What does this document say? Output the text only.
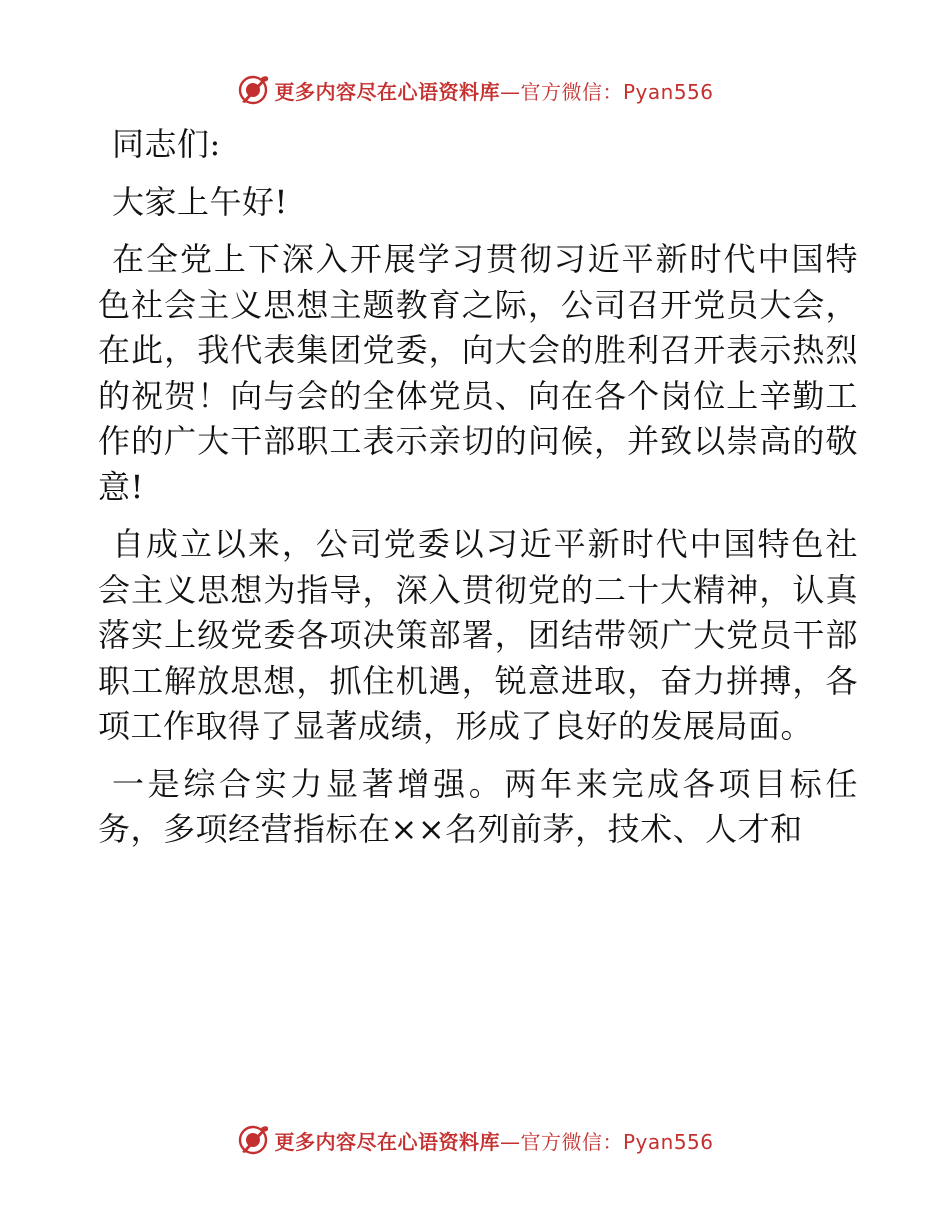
更多内容尽在心语资料库—官方微信：Pyan556

同志们:

大家上午好!

在全党上下深入开展学习贯彻习近平新时代中国特色社会主义思想主题教育之际，公司召开党员大会，在此，我代表集团党委，向大会的胜利召开表示热烈的祝贺！向与会的全体党员、向在各个岗位上辛勤工作的广大干部职工表示亲切的问候，并致以崇高的敬意!

自成立以来，公司党委以习近平新时代中国特色社会主义思想为指导，深入贯彻党的二十大精神，认真落实上级党委各项决策部署，团结带领广大党员干部职工解放思想，抓住机遇，锐意进取，奋力拼搏，各项工作取得了显著成绩，形成了良好的发展局面。

一是综合实力显著增强。两年来完成各项目标任务，多项经营指标在××名列前茅，技术、人才和

更多内容尽在心语资料库—官方微信：Pyan556
